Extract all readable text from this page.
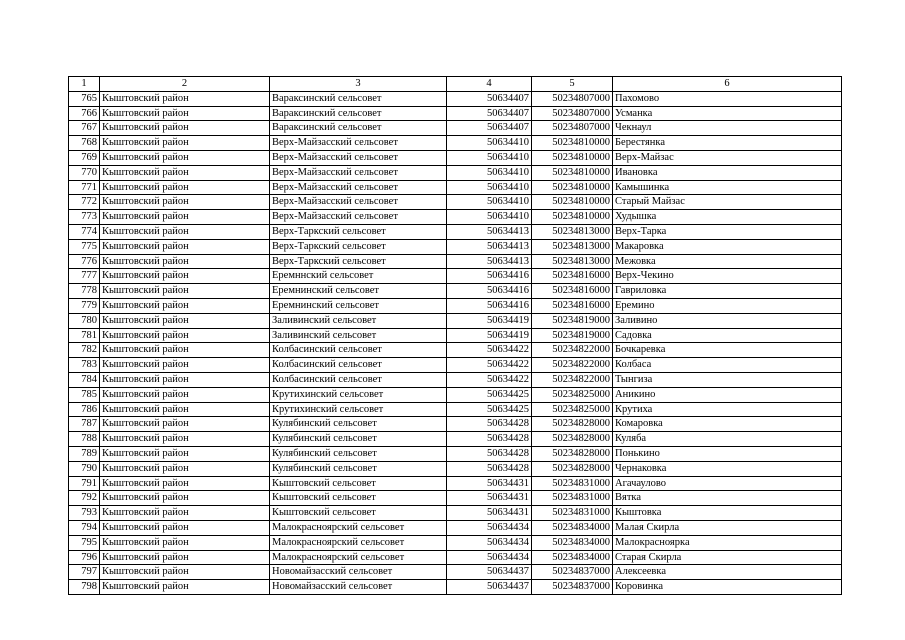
1	2	3	4	5	6
765	Кыштовский район	Вараксинский сельсовет	50634407	50234807000	Пахомово
766	Кыштовский район	Вараксинский сельсовет	50634407	50234807000	Усманка
767	Кыштовский район	Вараксинский сельсовет	50634407	50234807000	Чекнаул
768	Кыштовский район	Верх-Майзасский сельсовет	50634410	50234810000	Берестянка
769	Кыштовский район	Верх-Майзасский сельсовет	50634410	50234810000	Верх-Майзас
770	Кыштовский район	Верх-Майзасский сельсовет	50634410	50234810000	Ивановка
771	Кыштовский район	Верх-Майзасский сельсовет	50634410	50234810000	Камышинка
772	Кыштовский район	Верх-Майзасский сельсовет	50634410	50234810000	Старый Майзас
773	Кыштовский район	Верх-Майзасский сельсовет	50634410	50234810000	Худышка
774	Кыштовский район	Верх-Таркский сельсовет	50634413	50234813000	Верх-Тарка
775	Кыштовский район	Верх-Таркский сельсовет	50634413	50234813000	Макаровка
776	Кыштовский район	Верх-Таркский сельсовет	50634413	50234813000	Межовка
777	Кыштовский район	Еремннский сельсовет	50634416	50234816000	Верх-Чекино
778	Кыштовский район	Еремнинский сельсовет	50634416	50234816000	Гавриловка
779	Кыштовский район	Еремнинский сельсовет	50634416	50234816000	Еремино
780	Кыштовский район	Заливинский сельсовет	50634419	50234819000	Заливино
781	Кыштовский район	Заливинский сельсовет	50634419	50234819000	Садовка
782	Кыштовский район	Колбасинский сельсовет	50634422	50234822000	Бочкаревка
783	Кыштовский район	Колбасинский сельсовет	50634422	50234822000	Колбаса
784	Кыштовский район	Колбасинский сельсовет	50634422	50234822000	Тынгиза
785	Кыштовский район	Крутихинский сельсовет	50634425	50234825000	Аникино
786	Кыштовский район	Крутихинский сельсовет	50634425	50234825000	Крутиха
787	Кыштовский район	Кулябинский сельсовет	50634428	50234828000	Комаровка
788	Кыштовский район	Кулябинский сельсовет	50634428	50234828000	Куляба
789	Кыштовский район	Кулябинский сельсовет	50634428	50234828000	Понькино
790	Кыштовский район	Кулябинский сельсовет	50634428	50234828000	Чернаковка
791	Кыштовский район	Кыштовский сельсовет	50634431	50234831000	Агачаулово
792	Кыштовский район	Кыштовский сельсовет	50634431	50234831000	Вятка
793	Кыштовский район	Кыштовский сельсовет	50634431	50234831000	Кыштовка
794	Кыштовский район	Малокрасноярский сельсовет	50634434	50234834000	Малая Скирла
795	Кыштовский район	Малокрасноярский сельсовет	50634434	50234834000	Малокрасноярка
796	Кыштовский район	Малокрасноярский сельсовет	50634434	50234834000	Старая Скирла
797	Кыштовский район	Новомайзасский сельсовет	50634437	50234837000	Алексеевка
798	Кыштовский район	Новомайзасский сельсовет	50634437	50234837000	Коровинка
